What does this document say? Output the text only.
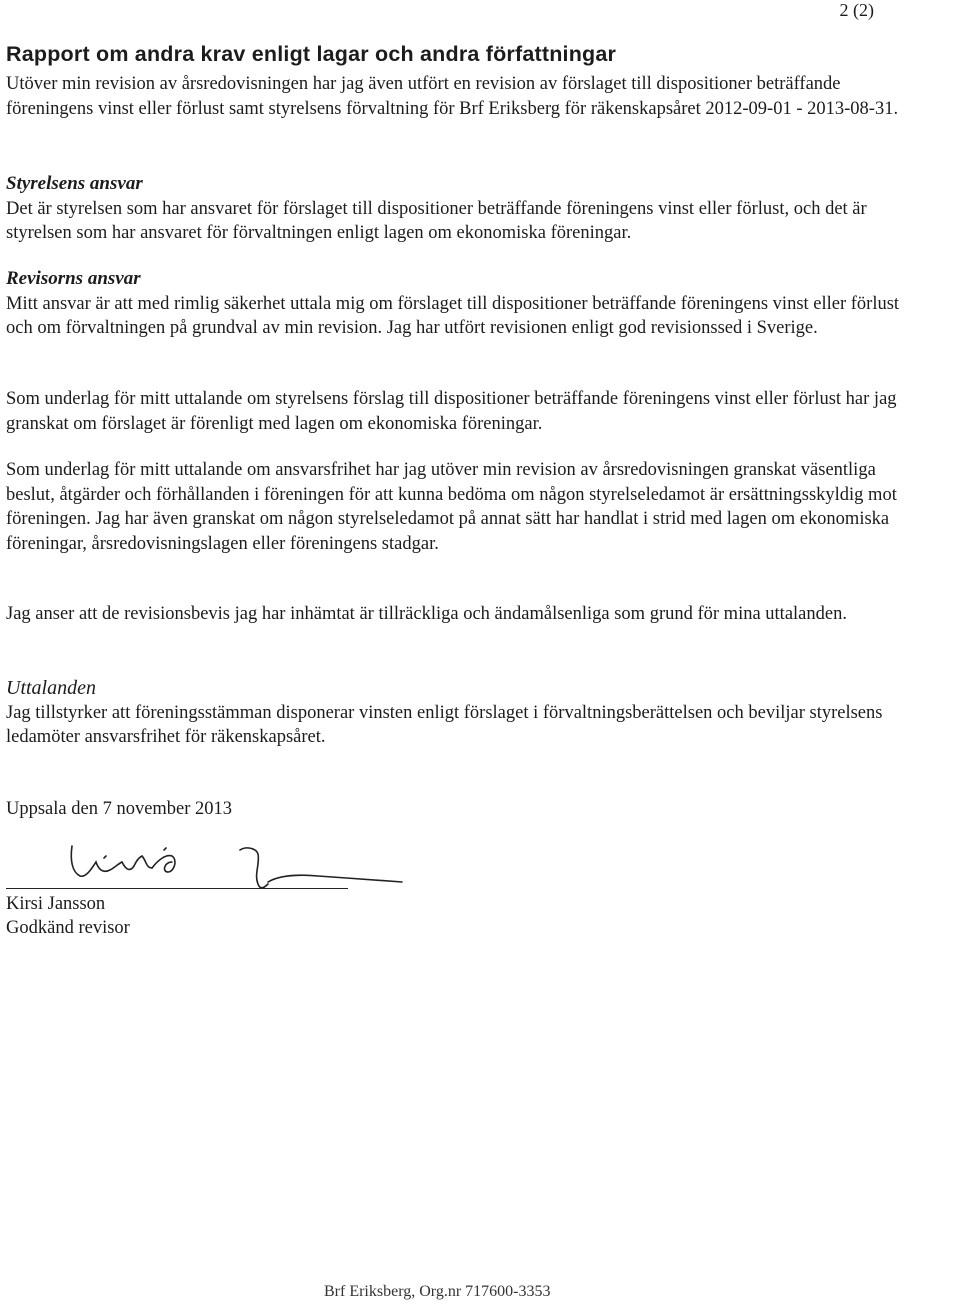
2 (2)
Rapport om andra krav enligt lagar och andra författningar

Utöver min revision av årsredovisningen har jag även utfört en revision av förslaget till dispositioner beträffande föreningens vinst eller förlust samt styrelsens förvaltning för Brf Eriksberg för räkenskapsåret 2012-09-01 - 2013-08-31.

Styrelsens ansvar

Det är styrelsen som har ansvaret för förslaget till dispositioner beträffande föreningens vinst eller förlust, och det är styrelsen som har ansvaret för förvaltningen enligt lagen om ekonomiska föreningar.

Revisorns ansvar

Mitt ansvar är att med rimlig säkerhet uttala mig om förslaget till dispositioner beträffande föreningens vinst eller förlust och om förvaltningen på grundval av min revision. Jag har utfört revisionen enligt god revisionssed i Sverige.

Som underlag för mitt uttalande om styrelsens förslag till dispositioner beträffande föreningens vinst eller förlust har jag granskat om förslaget är förenligt med lagen om ekonomiska föreningar.

Som underlag för mitt uttalande om ansvarsfrihet har jag utöver min revision av årsredovisningen granskat väsentliga beslut, åtgärder och förhållanden i föreningen för att kunna bedöma om någon styrelseledamot är ersättningsskyldig mot föreningen. Jag har även granskat om någon styrelseledamot på annat sätt har handlat i strid med lagen om ekonomiska föreningar, årsredovisningslagen eller föreningens stadgar.

Jag anser att de revisionsbevis jag har inhämtat är tillräckliga och ändamålsenliga som grund för mina uttalanden.

Uttalanden

Jag tillstyrker att föreningsstämman disponerar vinsten enligt förslaget i förvaltningsberättelsen och beviljar styrelsens ledamöter ansvarsfrihet för räkenskapsåret.

Uppsala den 7 november 2013

Kirsi Jansson

Godkänd revisor

Brf Eriksberg, Org.nr 717600-3353
